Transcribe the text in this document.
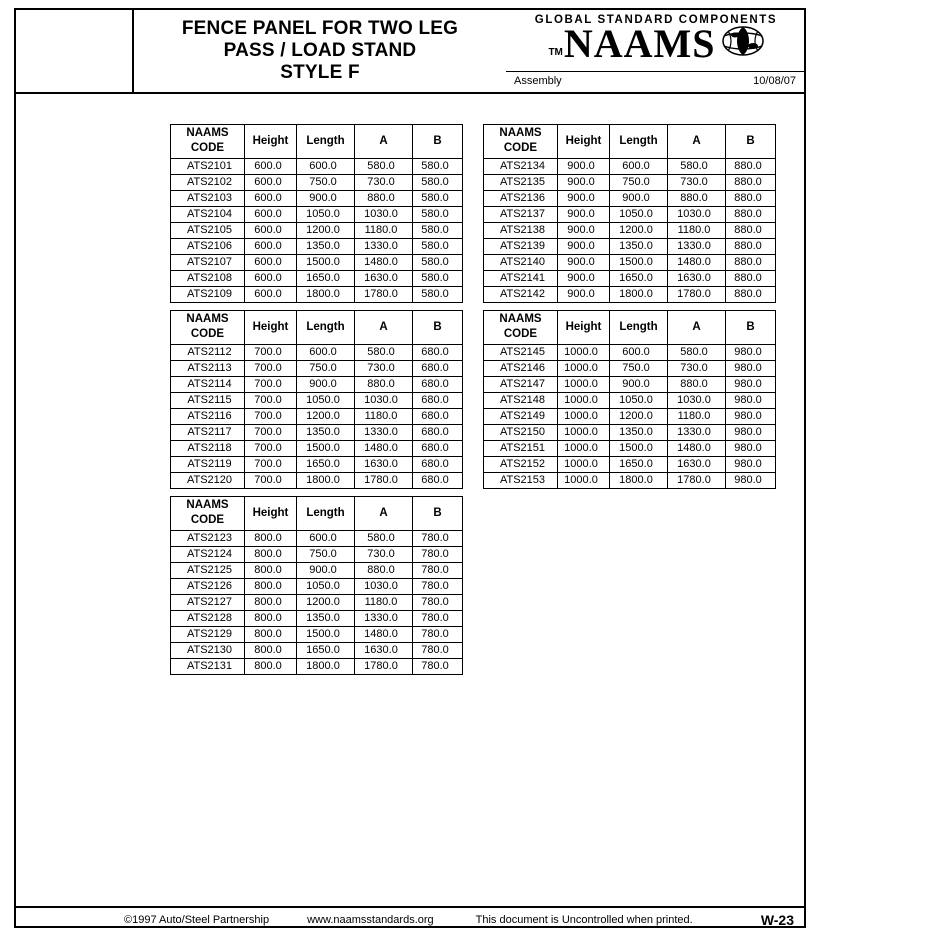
FENCE PANEL FOR TWO LEG
PASS / LOAD STAND
STYLE F
GLOBAL STANDARD COMPONENTS
TM NAAMS
Assembly	10/08/07
NAAMS
CODE	Height	Length	A	B
ATS2101	600.0	600.0	580.0	580.0
ATS2102	600.0	750.0	730.0	580.0
ATS2103	600.0	900.0	880.0	580.0
ATS2104	600.0	1050.0	1030.0	580.0
ATS2105	600.0	1200.0	1180.0	580.0
ATS2106	600.0	1350.0	1330.0	580.0
ATS2107	600.0	1500.0	1480.0	580.0
ATS2108	600.0	1650.0	1630.0	580.0
ATS2109	600.0	1800.0	1780.0	580.0
NAAMS
CODE	Height	Length	A	B
ATS2112	700.0	600.0	580.0	680.0
ATS2113	700.0	750.0	730.0	680.0
ATS2114	700.0	900.0	880.0	680.0
ATS2115	700.0	1050.0	1030.0	680.0
ATS2116	700.0	1200.0	1180.0	680.0
ATS2117	700.0	1350.0	1330.0	680.0
ATS2118	700.0	1500.0	1480.0	680.0
ATS2119	700.0	1650.0	1630.0	680.0
ATS2120	700.0	1800.0	1780.0	680.0
NAAMS
CODE	Height	Length	A	B
ATS2123	800.0	600.0	580.0	780.0
ATS2124	800.0	750.0	730.0	780.0
ATS2125	800.0	900.0	880.0	780.0
ATS2126	800.0	1050.0	1030.0	780.0
ATS2127	800.0	1200.0	1180.0	780.0
ATS2128	800.0	1350.0	1330.0	780.0
ATS2129	800.0	1500.0	1480.0	780.0
ATS2130	800.0	1650.0	1630.0	780.0
ATS2131	800.0	1800.0	1780.0	780.0
NAAMS
CODE	Height	Length	A	B
ATS2134	900.0	600.0	580.0	880.0
ATS2135	900.0	750.0	730.0	880.0
ATS2136	900.0	900.0	880.0	880.0
ATS2137	900.0	1050.0	1030.0	880.0
ATS2138	900.0	1200.0	1180.0	880.0
ATS2139	900.0	1350.0	1330.0	880.0
ATS2140	900.0	1500.0	1480.0	880.0
ATS2141	900.0	1650.0	1630.0	880.0
ATS2142	900.0	1800.0	1780.0	880.0
NAAMS
CODE	Height	Length	A	B
ATS2145	1000.0	600.0	580.0	980.0
ATS2146	1000.0	750.0	730.0	980.0
ATS2147	1000.0	900.0	880.0	980.0
ATS2148	1000.0	1050.0	1030.0	980.0
ATS2149	1000.0	1200.0	1180.0	980.0
ATS2150	1000.0	1350.0	1330.0	980.0
ATS2151	1000.0	1500.0	1480.0	980.0
ATS2152	1000.0	1650.0	1630.0	980.0
ATS2153	1000.0	1800.0	1780.0	980.0
©1997 Auto/Steel Partnership	www.naamsstandards.org	This document is Uncontrolled when printed.	W-23
